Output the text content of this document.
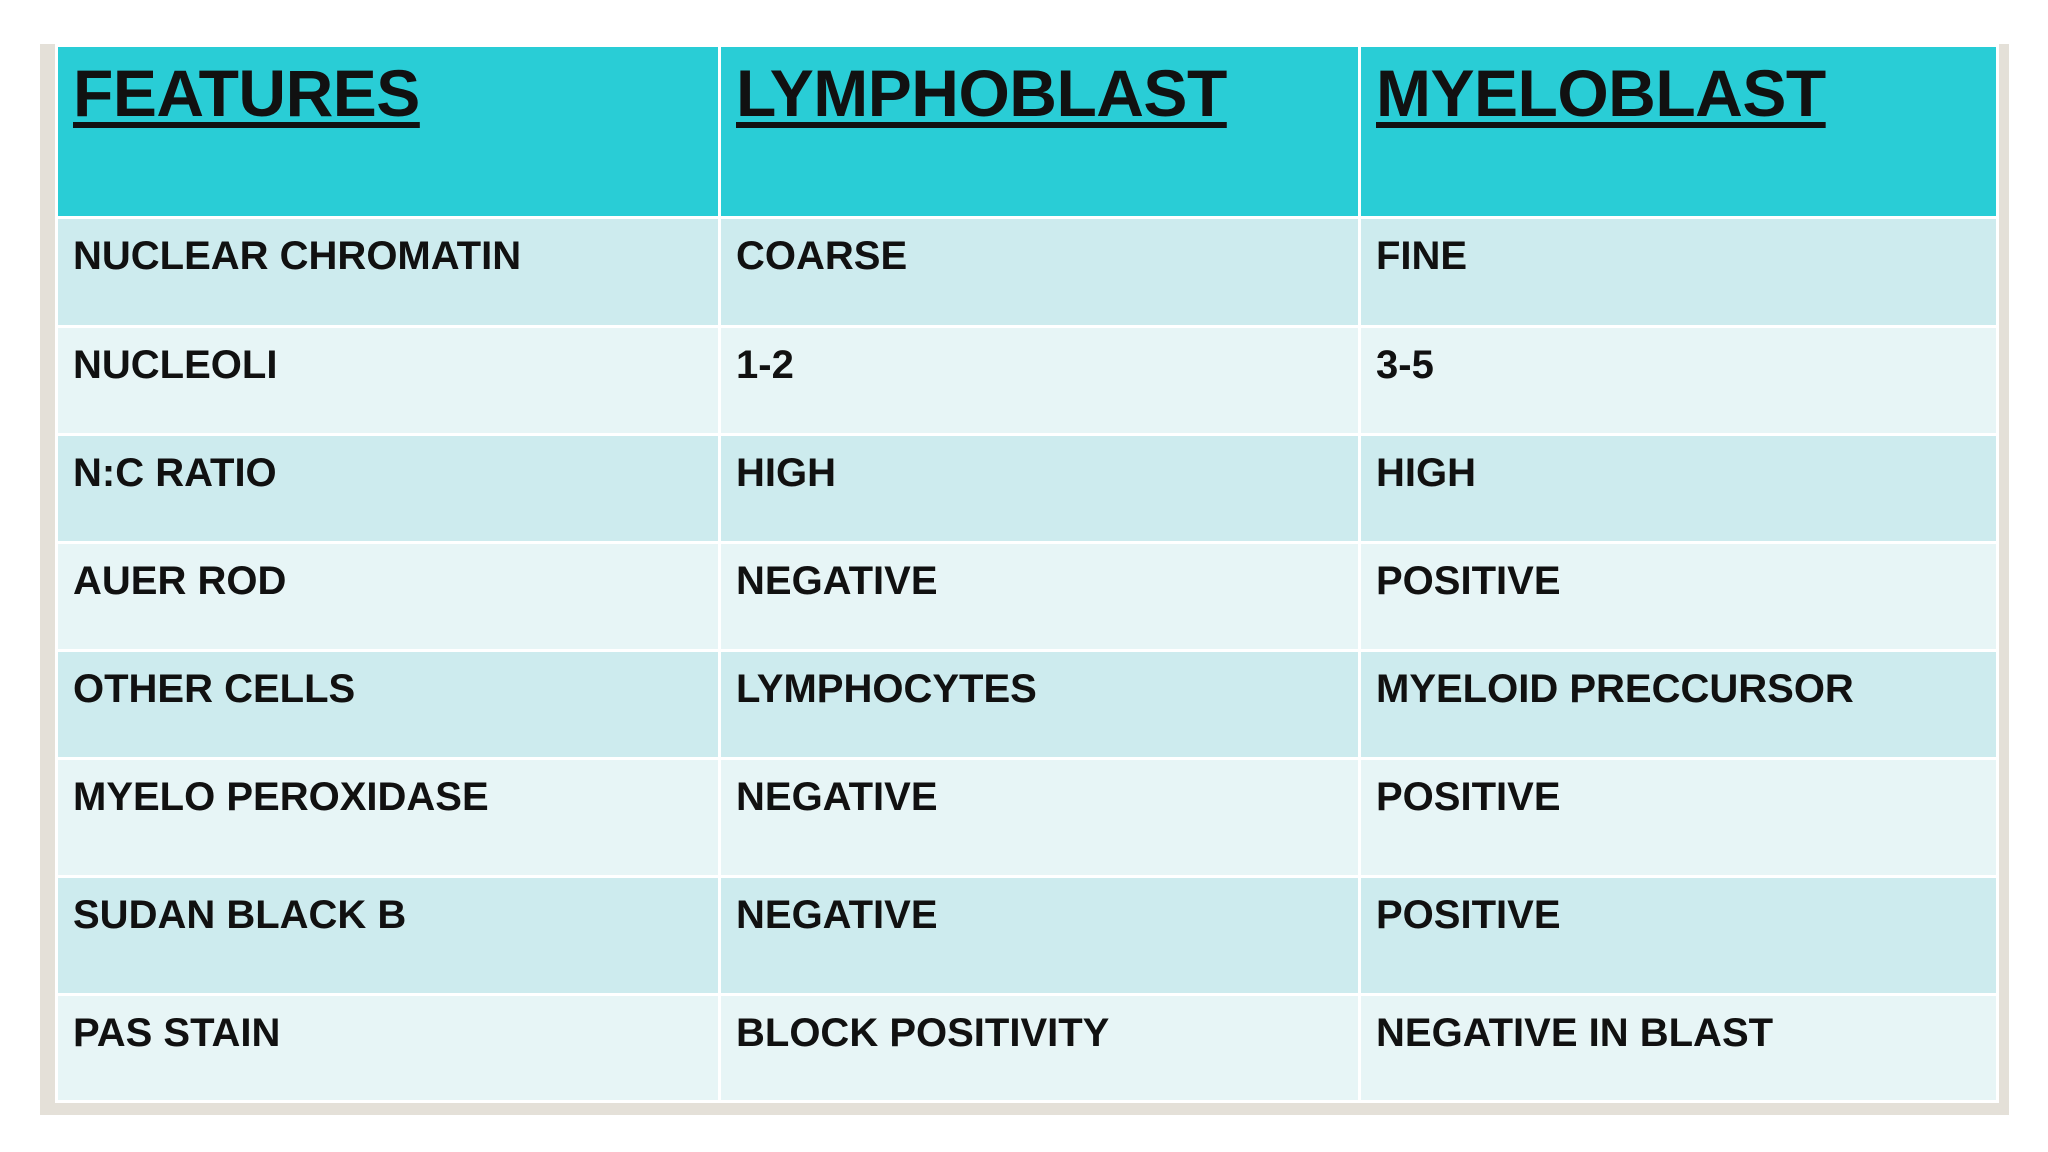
FEATURES	LYMPHOBLAST	MYELOBLAST
NUCLEAR CHROMATIN	COARSE	FINE
NUCLEOLI	1-2	3-5
N:C RATIO	HIGH	HIGH
AUER ROD	NEGATIVE	POSITIVE
OTHER CELLS	LYMPHOCYTES	MYELOID PRECCURSOR
MYELO PEROXIDASE	NEGATIVE	POSITIVE
SUDAN BLACK B	NEGATIVE	POSITIVE
PAS STAIN	BLOCK POSITIVITY	NEGATIVE IN BLAST
